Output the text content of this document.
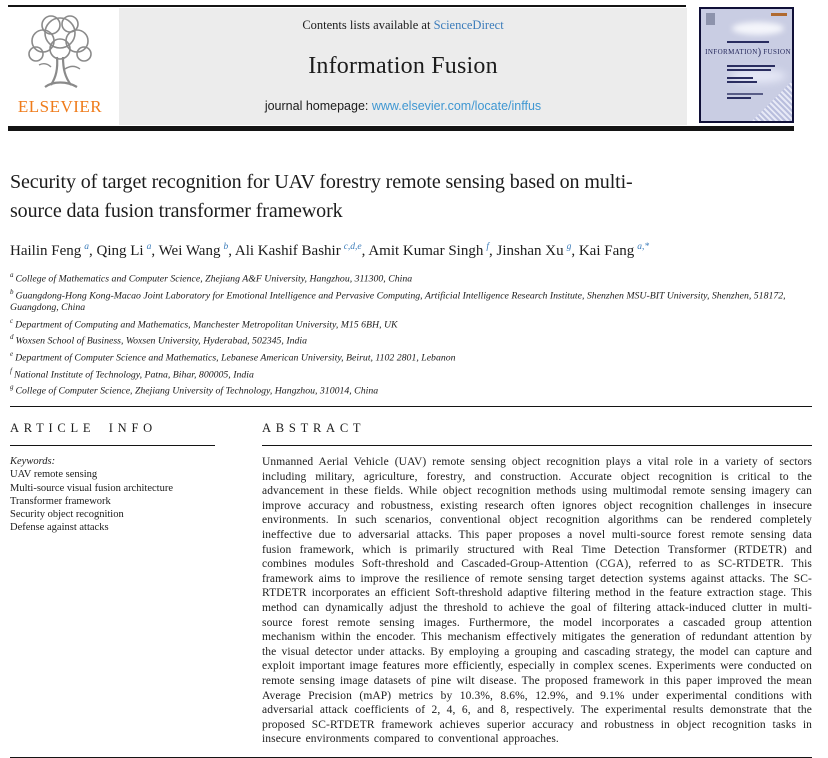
ELSEVIER
Contents lists available at ScienceDirect
Information Fusion
journal homepage: www.elsevier.com/locate/inffus
INFORMATION) FUSION
Security of target recognition for UAV forestry remote sensing based on multi-source data fusion transformer framework
Hailin Feng $^a$, Qing Li $^a$, Wei Wang $^b$, Ali Kashif Bashir $^{c,d,e}$, Amit Kumar Singh $^f$, Jinshan Xu $^g$, Kai Fang $^{a,*}$
$^a$ College of Mathematics and Computer Science, Zhejiang A&F University, Hangzhou, 311300, China
$^b$ Guangdong-Hong Kong-Macao Joint Laboratory for Emotional Intelligence and Pervasive Computing, Artificial Intelligence Research Institute, Shenzhen MSU-BIT University, Shenzhen, 518172, Guangdong, China
$^c$ Department of Computing and Mathematics, Manchester Metropolitan University, M15 6BH, UK
$^d$ Woxsen School of Business, Woxsen University, Hyderabad, 502345, India
$^e$ Department of Computer Science and Mathematics, Lebanese American University, Beirut, 1102 2801, Lebanon
$^f$ National Institute of Technology, Patna, Bihar, 800005, India
$^g$ College of Computer Science, Zhejiang University of Technology, Hangzhou, 310014, China
ARTICLE INFO
Keywords:
UAV remote sensing
Multi-source visual fusion architecture
Transformer framework
Security object recognition
Defense against attacks
ABSTRACT
Unmanned Aerial Vehicle (UAV) remote sensing object recognition plays a vital role in a variety of sectors including military, agriculture, forestry, and construction. Accurate object recognition is critical to the advancement in these fields. While object recognition methods using multimodal remote sensing imagery can improve accuracy and robustness, existing research often ignores object recognition challenges in insecure environments. In such scenarios, conventional object recognition algorithms can be rendered completely ineffective due to adversarial attacks. This paper proposes a novel multi-source forest remote sensing data fusion framework, which is primarily structured with Real Time Detection Transformer (RTDETR) and combines modules Soft-threshold and Cascaded-Group-Attention (CGA), referred to as SC-RTDETR. This framework aims to improve the resilience of remote sensing target detection systems against attacks. The SC-RTDETR incorporates an efficient Soft-threshold adaptive filtering method in the feature extraction stage. This method can dynamically adjust the threshold to achieve the goal of filtering attack-induced clutter in multi-source forest remote sensing images. Furthermore, the model incorporates a cascaded group attention mechanism within the encoder. This mechanism effectively mitigates the generation of redundant attention by the visual detector under attacks. By employing a grouping and cascading strategy, the model can capture and exploit important image features more efficiently, especially in complex scenes. Experiments were conducted on remote sensing image datasets of pine wilt disease. The proposed framework in this paper improved the mean Average Precision (mAP) metrics by 10.3%, 8.6%, 12.9%, and 9.1% under experimental conditions with adversarial attack coefficients of 2, 4, 6, and 8, respectively. The experimental results demonstrate that the proposed SC-RTDETR framework achieves superior accuracy and robustness in object recognition tasks in insecure environments compared to conventional approaches.
